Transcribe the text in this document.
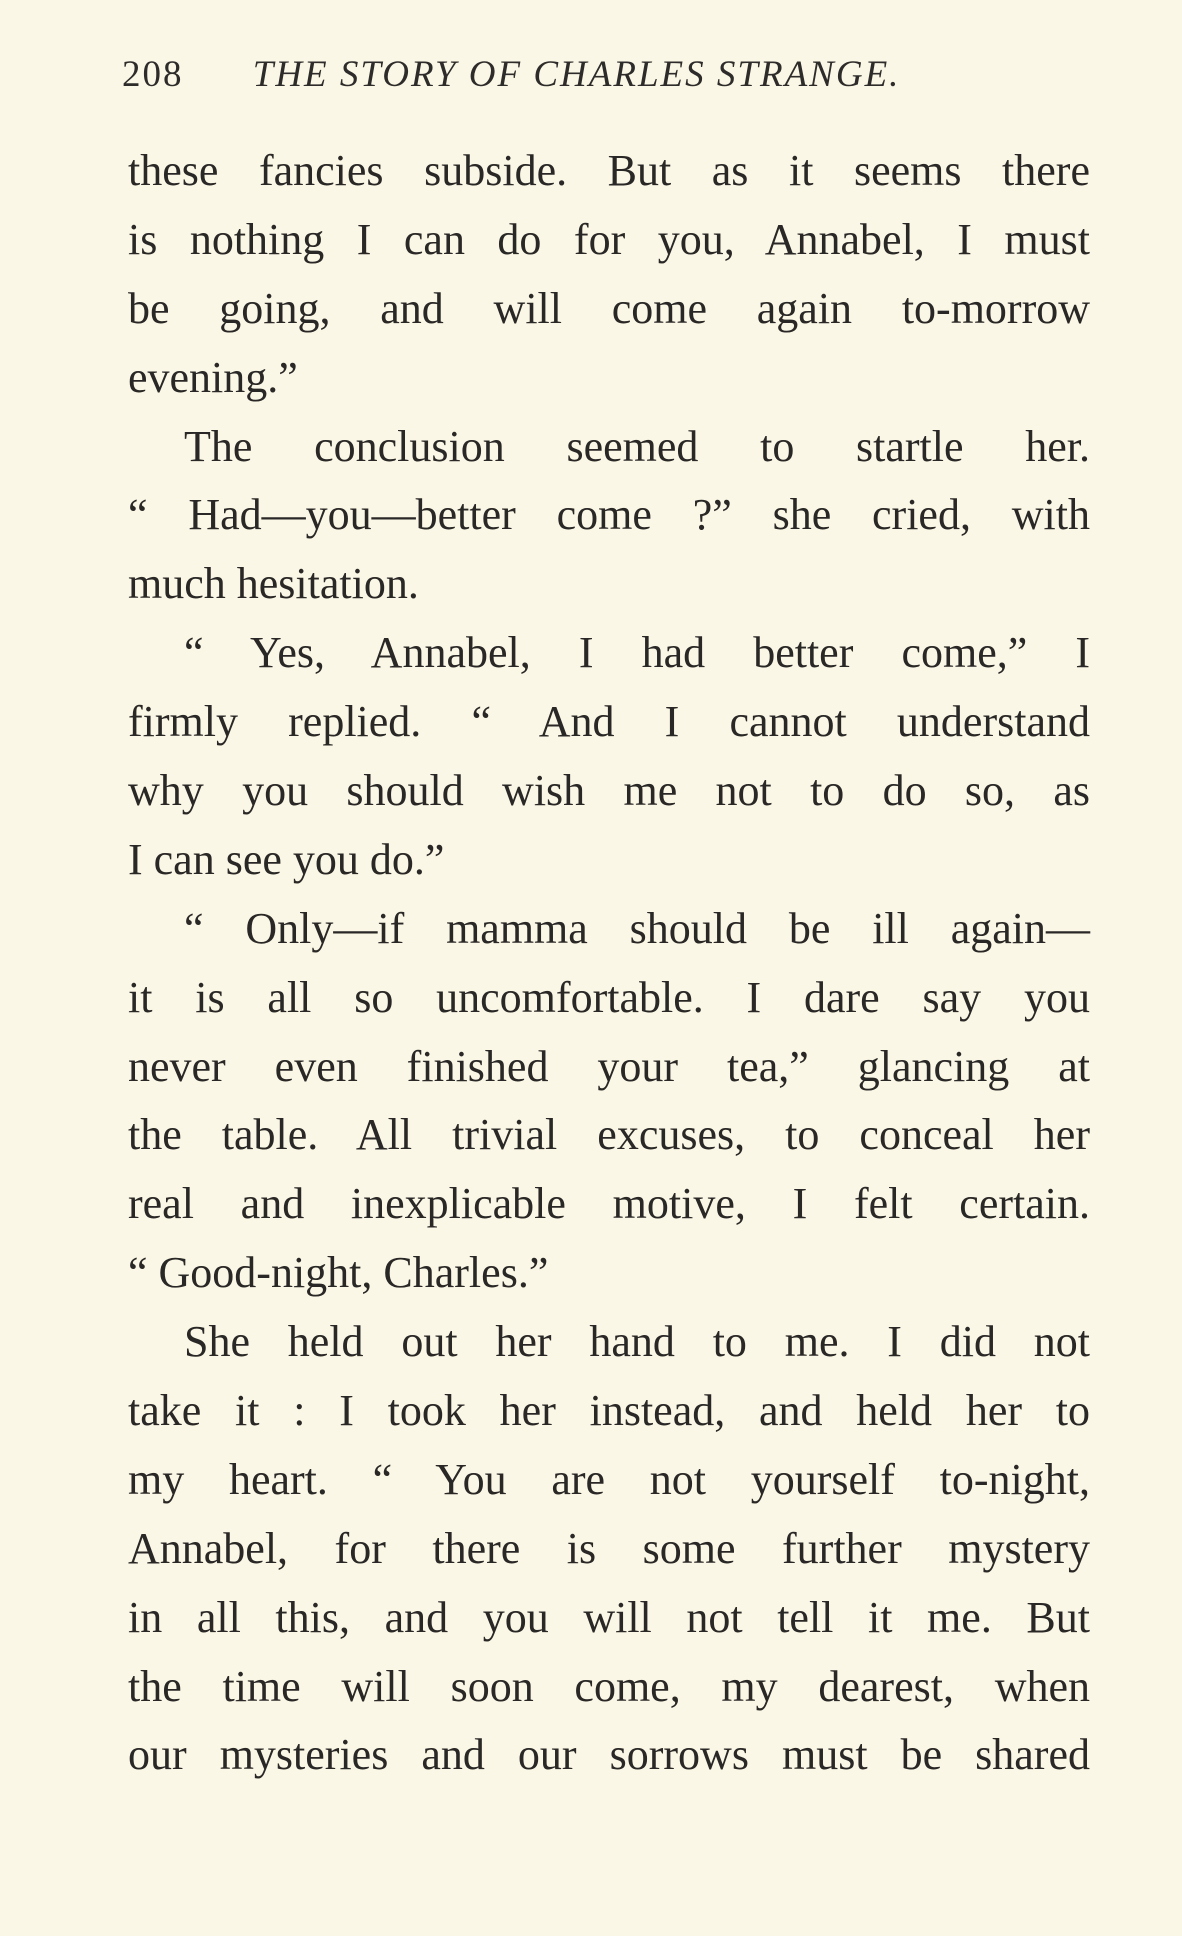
208 THE STORY OF CHARLES STRANGE.
these fancies subside. But as it seems there
is nothing I can do for you, Annabel, I must
be going, and will come again to-morrow
evening.”
The conclusion seemed to startle her.
“ Had—you—better come ?” she cried, with
much hesitation.
“ Yes, Annabel, I had better come,” I
firmly replied. “ And I cannot understand
why you should wish me not to do so, as
I can see you do.”
“ Only—if mamma should be ill again—
it is all so uncomfortable. I dare say you
never even finished your tea,” glancing at
the table. All trivial excuses, to conceal her
real and inexplicable motive, I felt certain.
“ Good-night, Charles.”
She held out her hand to me. I did not
take it : I took her instead, and held her to
my heart. “ You are not yourself to-night,
Annabel, for there is some further mystery
in all this, and you will not tell it me. But
the time will soon come, my dearest, when
our mysteries and our sorrows must be shared
